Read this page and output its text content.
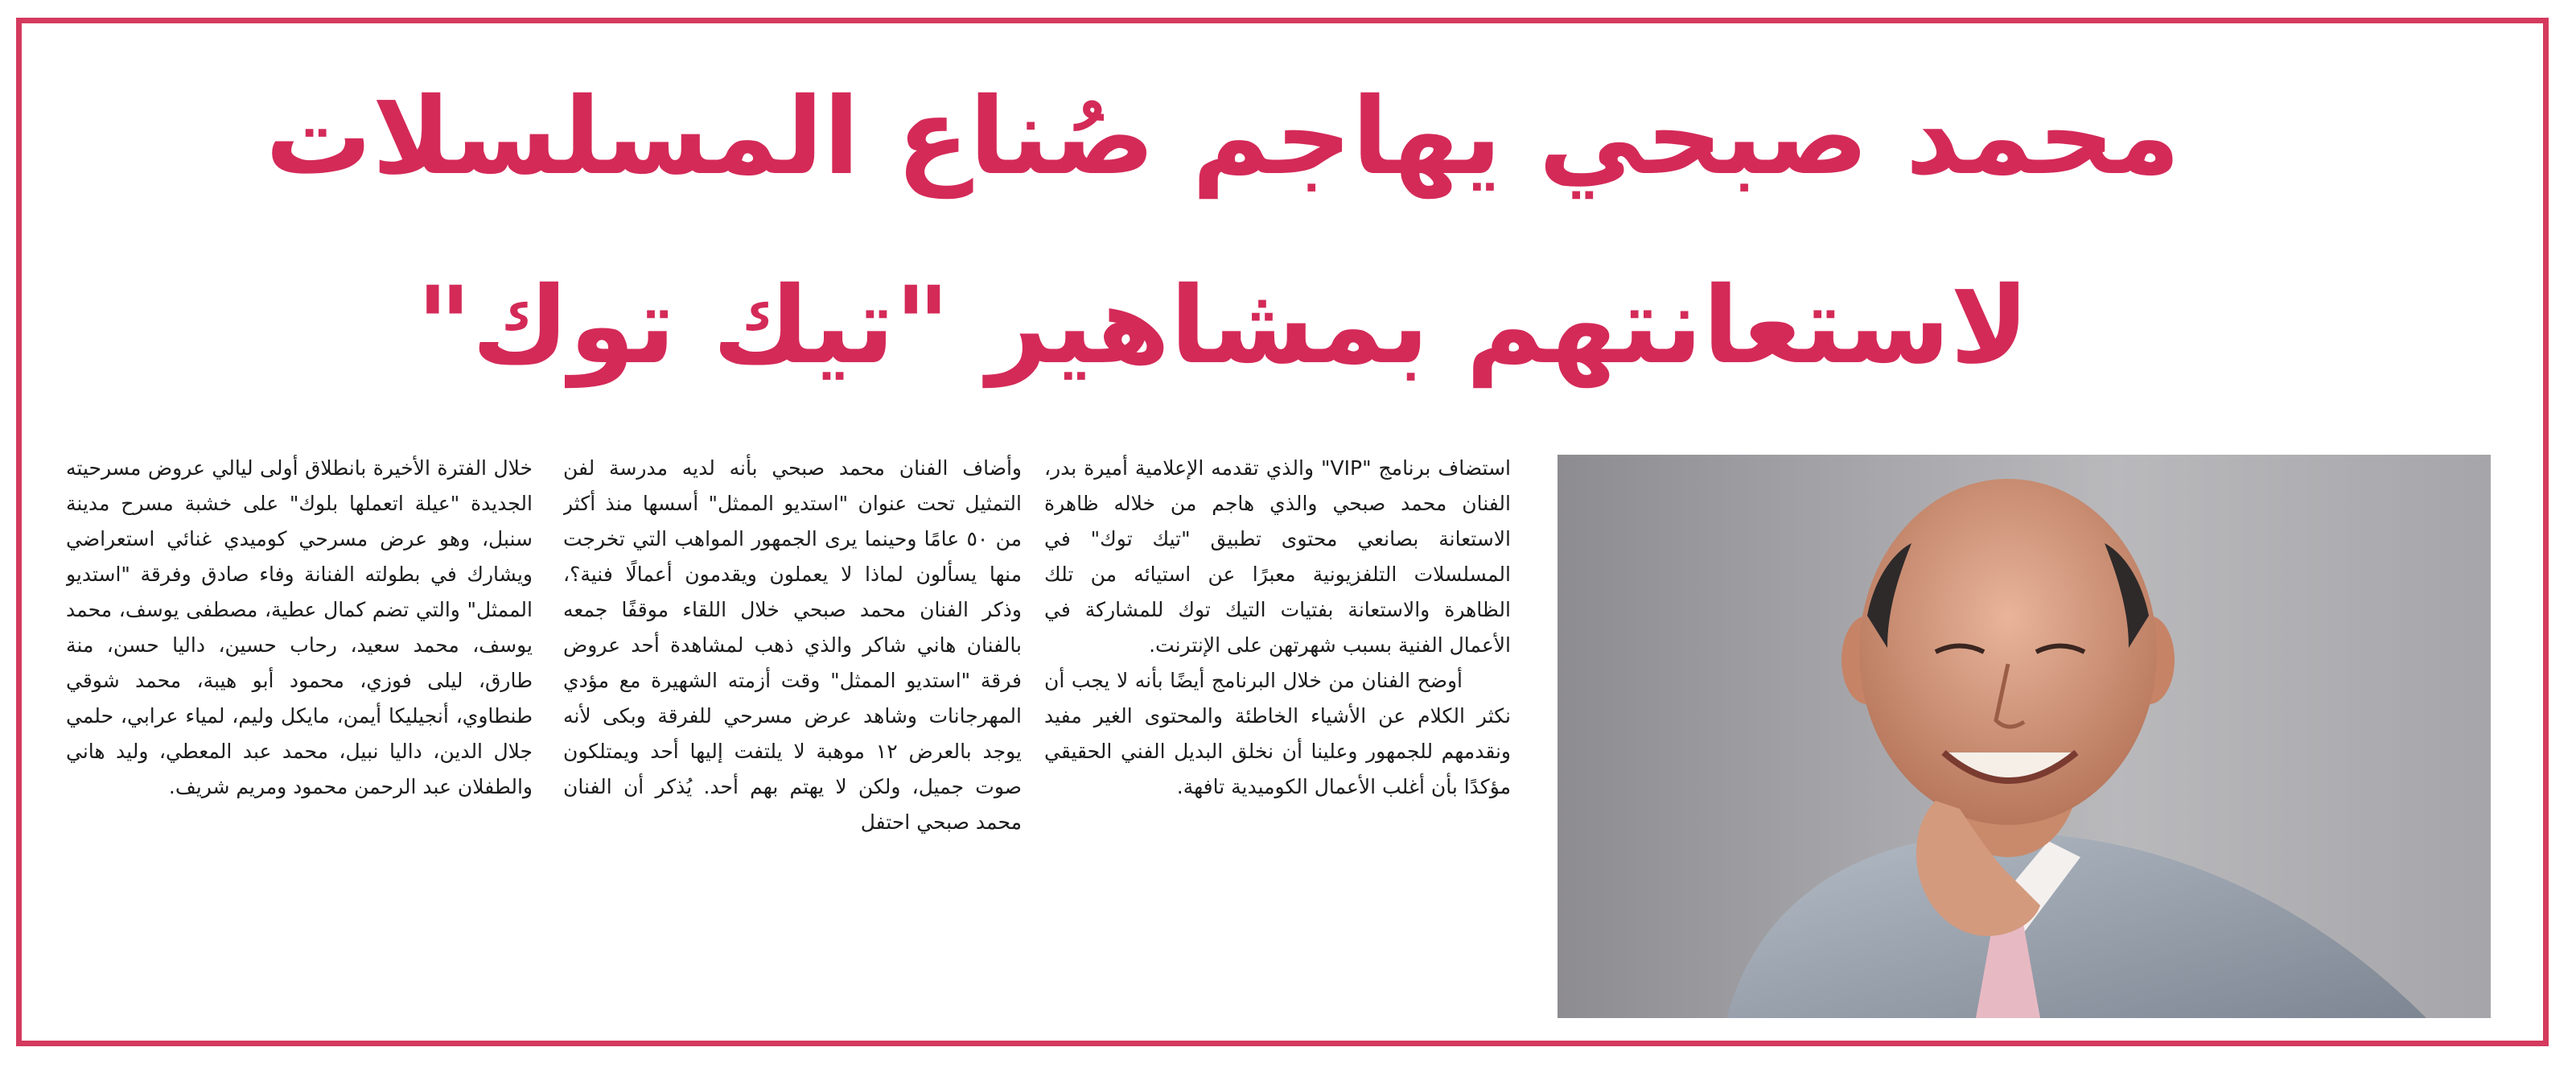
محمد صبحي يهاجم صُناع المسلسلات
لاستعانتهم بمشاهير "تيك توك"

استضاف برنامج "VIP" والذي تقدمه الإعلامية أميرة بدر، الفنان محمد صبحي والذي هاجم من خلاله ظاهرة الاستعانة بصانعي محتوى تطبيق "تيك توك" في المسلسلات التلفزيونية معبرًا عن استيائه من تلك الظاهرة والاستعانة بفتيات التيك توك للمشاركة في الأعمال الفنية بسبب شهرتهن على الإنترنت.

أوضح الفنان من خلال البرنامج أيضًا بأنه لا يجب أن نكثر الكلام عن الأشياء الخاطئة والمحتوى الغير مفيد ونقدمهم للجمهور وعلينا أن نخلق البديل الفني الحقيقي مؤكدًا بأن أغلب الأعمال الكوميدية تافهة.

وأضاف الفنان محمد صبحي بأنه لديه مدرسة لفن التمثيل تحت عنوان "استديو الممثل" أسسها منذ أكثر من ٥٠ عامًا وحينما يرى الجمهور المواهب التي تخرجت منها يسألون لماذا لا يعملون ويقدمون أعمالًا فنية؟، وذكر الفنان محمد صبحي خلال اللقاء موقفًا جمعه بالفنان هاني شاكر والذي ذهب لمشاهدة أحد عروض فرقة "استديو الممثل" وقت أزمته الشهيرة مع مؤدي المهرجانات وشاهد عرض مسرحي للفرقة وبكى لأنه يوجد بالعرض ١٢ موهبة لا يلتفت إليها أحد ويمتلكون صوت جميل، ولكن لا يهتم بهم أحد. يُذكر أن الفنان محمد صبحي احتفل

خلال الفترة الأخيرة بانطلاق أولى ليالي عروض مسرحيته الجديدة "عيلة اتعملها بلوك" على خشبة مسرح مدينة سنبل، وهو عرض مسرحي كوميدي غنائي استعراضي ويشارك في بطولته الفنانة وفاء صادق وفرقة "استديو الممثل" والتي تضم كمال عطية، مصطفى يوسف، محمد يوسف، محمد سعيد، رحاب حسين، داليا حسن، منة طارق، ليلى فوزي، محمود أبو هيبة، محمد شوقي طنطاوي، أنجيليكا أيمن، مايكل وليم، لمياء عرابي، حلمي جلال الدين، داليا نبيل، محمد عبد المعطي، وليد هاني والطفلان عبد الرحمن محمود ومريم شريف.
